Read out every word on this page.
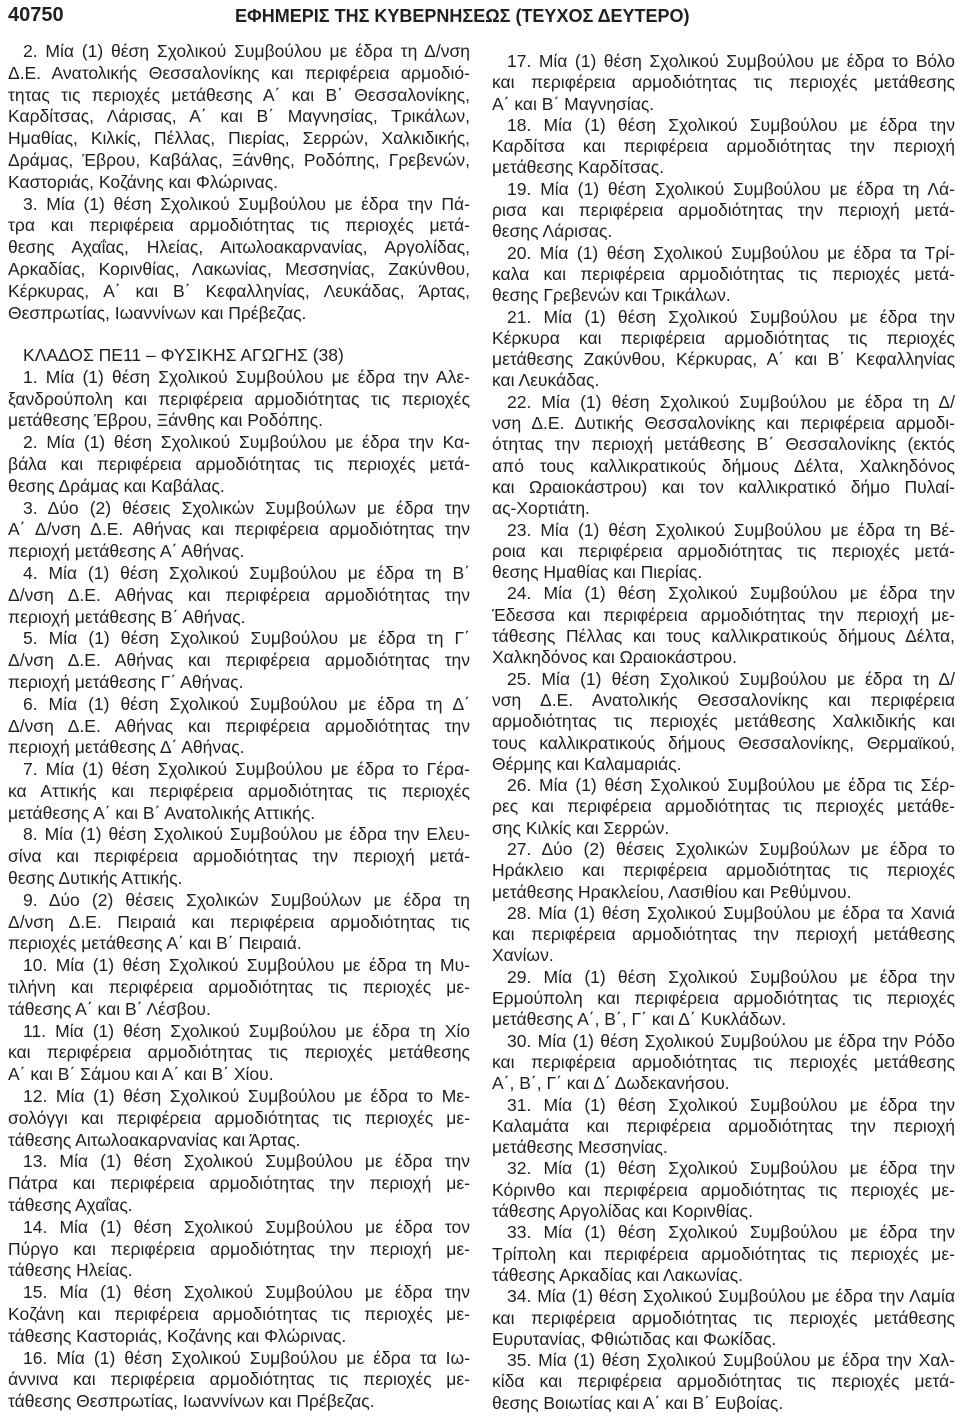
40750	ΕΦΗΜΕΡΙΣ ΤΗΣ ΚΥΒΕΡΝΗΣΕΩΣ (ΤΕΥΧΟΣ ΔΕΥΤΕΡΟ)
2. Μία (1) θέση Σχολικού Συμβούλου με έδρα τη Δ/νση
Δ.Ε. Ανατολικής Θεσσαλονίκης και περιφέρεια αρμοδιό-
τητας τις περιοχές μετάθεσης Α΄ και Β΄ Θεσσαλονίκης,
Καρδίτσας, Λάρισας, Α΄ και Β΄ Μαγνησίας, Τρικάλων,
Ημαθίας, Κιλκίς, Πέλλας, Πιερίας, Σερρών, Χαλκιδικής,
Δράμας, Έβρου, Καβάλας, Ξάνθης, Ροδόπης, Γρεβενών,
Καστοριάς, Κοζάνης και Φλώρινας.
3. Μία (1) θέση Σχολικού Συμβούλου με έδρα την Πά-
τρα και περιφέρεια αρμοδιότητας τις περιοχές μετά-
θεσης Αχαΐας, Ηλείας, Αιτωλοακαρνανίας, Αργολίδας,
Αρκαδίας, Κορινθίας, Λακωνίας, Μεσσηνίας, Ζακύνθου,
Κέρκυρας, Α΄ και Β΄ Κεφαλληνίας, Λευκάδας, Άρτας,
Θεσπρωτίας, Ιωαννίνων και Πρέβεζας.
ΚΛΑΔΟΣ ΠΕ11 – ΦΥΣΙΚΗΣ ΑΓΩΓΗΣ (38)
1. Μία (1) θέση Σχολικού Συμβούλου με έδρα την Αλε-
ξανδρούπολη και περιφέρεια αρμοδιότητας τις περιοχές
μετάθεσης Έβρου, Ξάνθης και Ροδόπης.
2. Μία (1) θέση Σχολικού Συμβούλου με έδρα την Κα-
βάλα και περιφέρεια αρμοδιότητας τις περιοχές μετά-
θεσης Δράμας και Καβάλας.
3. Δύο (2) θέσεις Σχολικών Συμβούλων με έδρα την
Α΄ Δ/νση Δ.Ε. Αθήνας και περιφέρεια αρμοδιότητας την
περιοχή μετάθεσης Α΄ Αθήνας.
4. Μία (1) θέση Σχολικού Συμβούλου με έδρα τη Β΄
Δ/νση Δ.Ε. Αθήνας και περιφέρεια αρμοδιότητας την
περιοχή μετάθεσης Β΄ Αθήνας.
5. Μία (1) θέση Σχολικού Συμβούλου με έδρα τη Γ΄
Δ/νση Δ.Ε. Αθήνας και περιφέρεια αρμοδιότητας την
περιοχή μετάθεσης Γ΄ Αθήνας.
6. Μία (1) θέση Σχολικού Συμβούλου με έδρα τη Δ΄
Δ/νση Δ.Ε. Αθήνας και περιφέρεια αρμοδιότητας την
περιοχή μετάθεσης Δ΄ Αθήνας.
7. Μία (1) θέση Σχολικού Συμβούλου με έδρα το Γέρα-
κα Αττικής και περιφέρεια αρμοδιότητας τις περιοχές
μετάθεσης Α΄ και Β΄ Ανατολικής Αττικής.
8. Μία (1) θέση Σχολικού Συμβούλου με έδρα την Ελευ-
σίνα και περιφέρεια αρμοδιότητας την περιοχή μετά-
θεσης Δυτικής Αττικής.
9. Δύο (2) θέσεις Σχολικών Συμβούλων με έδρα τη
Δ/νση Δ.Ε. Πειραιά και περιφέρεια αρμοδιότητας τις
περιοχές μετάθεσης Α΄ και Β΄ Πειραιά.
10. Μία (1) θέση Σχολικού Συμβούλου με έδρα τη Μυ-
τιλήνη και περιφέρεια αρμοδιότητας τις περιοχές με-
τάθεσης Α΄ και Β΄ Λέσβου.
11. Μία (1) θέση Σχολικού Συμβούλου με έδρα τη Χίο
και περιφέρεια αρμοδιότητας τις περιοχές μετάθεσης
Α΄ και Β΄ Σάμου και Α΄ και Β΄ Χίου.
12. Μία (1) θέση Σχολικού Συμβούλου με έδρα το Με-
σολόγγι και περιφέρεια αρμοδιότητας τις περιοχές με-
τάθεσης Αιτωλοακαρνανίας και Άρτας.
13. Μία (1) θέση Σχολικού Συμβούλου με έδρα την
Πάτρα και περιφέρεια αρμοδιότητας την περιοχή με-
τάθεσης Αχαΐας.
14. Μία (1) θέση Σχολικού Συμβούλου με έδρα τον
Πύργο και περιφέρεια αρμοδιότητας την περιοχή με-
τάθεσης Ηλείας.
15. Μία (1) θέση Σχολικού Συμβούλου με έδρα την
Κοζάνη και περιφέρεια αρμοδιότητας τις περιοχές με-
τάθεσης Καστοριάς, Κοζάνης και Φλώρινας.
16. Μία (1) θέση Σχολικού Συμβούλου με έδρα τα Ιω-
άννινα και περιφέρεια αρμοδιότητας τις περιοχές με-
τάθεσης Θεσπρωτίας, Ιωαννίνων και Πρέβεζας.
17. Μία (1) θέση Σχολικού Συμβούλου με έδρα το Βόλο
και περιφέρεια αρμοδιότητας τις περιοχές μετάθεσης
Α΄ και Β΄ Μαγνησίας.
18. Μία (1) θέση Σχολικού Συμβούλου με έδρα την
Καρδίτσα και περιφέρεια αρμοδιότητας την περιοχή
μετάθεσης Καρδίτσας.
19. Μία (1) θέση Σχολικού Συμβούλου με έδρα τη Λά-
ρισα και περιφέρεια αρμοδιότητας την περιοχή μετά-
θεσης Λάρισας.
20. Μία (1) θέση Σχολικού Συμβούλου με έδρα τα Τρί-
καλα και περιφέρεια αρμοδιότητας τις περιοχές μετά-
θεσης Γρεβενών και Τρικάλων.
21. Μία (1) θέση Σχολικού Συμβούλου με έδρα την
Κέρκυρα και περιφέρεια αρμοδιότητας τις περιοχές
μετάθεσης Ζακύνθου, Κέρκυρας, Α΄ και Β΄ Κεφαλληνίας
και Λευκάδας.
22. Μία (1) θέση Σχολικού Συμβούλου με έδρα τη Δ/
νση Δ.Ε. Δυτικής Θεσσαλονίκης και περιφέρεια αρμοδι-
ότητας την περιοχή μετάθεσης Β΄ Θεσσαλονίκης (εκτός
από τους καλλικρατικούς δήμους Δέλτα, Χαλκηδόνος
και Ωραιοκάστρου) και τον καλλικρατικό δήμο Πυλαί-
ας-Χορτιάτη.
23. Μία (1) θέση Σχολικού Συμβούλου με έδρα τη Βέ-
ροια και περιφέρεια αρμοδιότητας τις περιοχές μετά-
θεσης Ημαθίας και Πιερίας.
24. Μία (1) θέση Σχολικού Συμβούλου με έδρα την
Έδεσσα και περιφέρεια αρμοδιότητας την περιοχή με-
τάθεσης Πέλλας και τους καλλικρατικούς δήμους Δέλτα,
Χαλκηδόνος και Ωραιοκάστρου.
25. Μία (1) θέση Σχολικού Συμβούλου με έδρα τη Δ/
νση Δ.Ε. Ανατολικής Θεσσαλονίκης και περιφέρεια
αρμοδιότητας τις περιοχές μετάθεσης Χαλκιδικής και
τους καλλικρατικούς δήμους Θεσσαλονίκης, Θερμαϊκού,
Θέρμης και Καλαμαριάς.
26. Μία (1) θέση Σχολικού Συμβούλου με έδρα τις Σέρ-
ρες και περιφέρεια αρμοδιότητας τις περιοχές μετάθε-
σης Κιλκίς και Σερρών.
27. Δύο (2) θέσεις Σχολικών Συμβούλων με έδρα το
Ηράκλειο και περιφέρεια αρμοδιότητας τις περιοχές
μετάθεσης Ηρακλείου, Λασιθίου και Ρεθύμνου.
28. Μία (1) θέση Σχολικού Συμβούλου με έδρα τα Χανιά
και περιφέρεια αρμοδιότητας την περιοχή μετάθεσης
Χανίων.
29. Μία (1) θέση Σχολικού Συμβούλου με έδρα την
Ερμούπολη και περιφέρεια αρμοδιότητας τις περιοχές
μετάθεσης Α΄, Β΄, Γ΄ και Δ΄ Κυκλάδων.
30. Μία (1) θέση Σχολικού Συμβούλου με έδρα την Ρόδο
και περιφέρεια αρμοδιότητας τις περιοχές μετάθεσης
Α΄, Β΄, Γ΄ και Δ΄ Δωδεκανήσου.
31. Μία (1) θέση Σχολικού Συμβούλου με έδρα την
Καλαμάτα και περιφέρεια αρμοδιότητας την περιοχή
μετάθεσης Μεσσηνίας.
32. Μία (1) θέση Σχολικού Συμβούλου με έδρα την
Κόρινθο και περιφέρεια αρμοδιότητας τις περιοχές με-
τάθεσης Αργολίδας και Κορινθίας.
33. Μία (1) θέση Σχολικού Συμβούλου με έδρα την
Τρίπολη και περιφέρεια αρμοδιότητας τις περιοχές με-
τάθεσης Αρκαδίας και Λακωνίας.
34. Μία (1) θέση Σχολικού Συμβούλου με έδρα την Λαμία
και περιφέρεια αρμοδιότητας τις περιοχές μετάθεσης
Ευρυτανίας, Φθιώτιδας και Φωκίδας.
35. Μία (1) θέση Σχολικού Συμβούλου με έδρα την Χαλ-
κίδα και περιφέρεια αρμοδιότητας τις περιοχές μετά-
θεσης Βοιωτίας και Α΄ και Β΄ Ευβοίας.
